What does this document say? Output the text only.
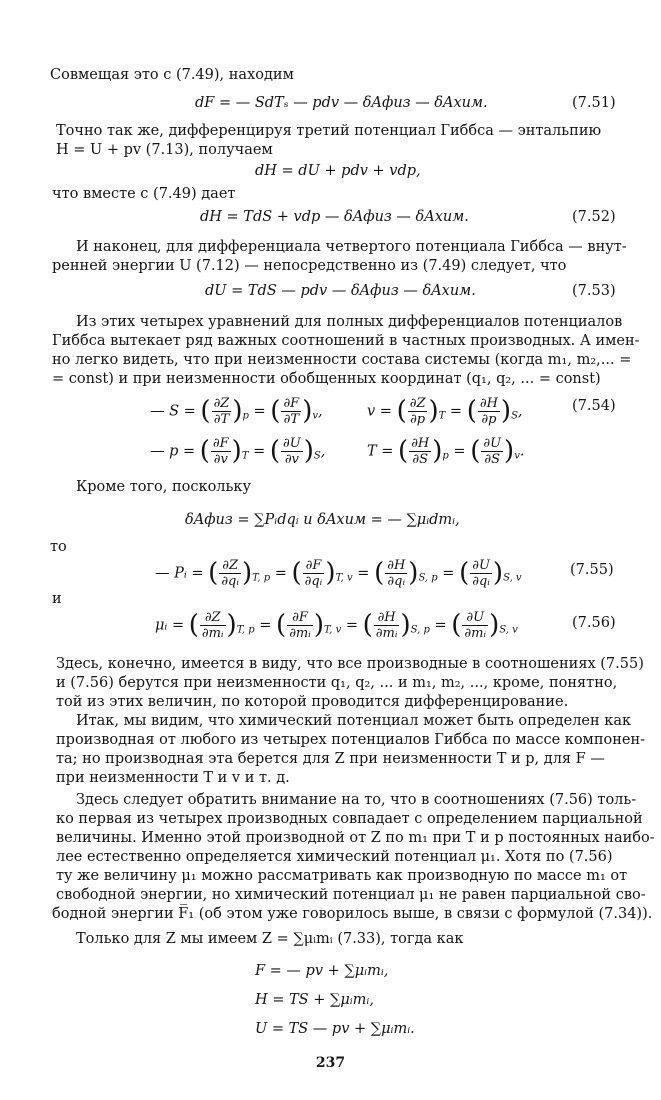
Совмещая это с (7.49), находим
dF = — SdTₛ — pdv — δAфиз — δAхим.	(7.51)
Точно так же, дифференцируя третий потенциал Гиббса — энтальпию
H = U + pv (7.13), получаем
dH = dU + pdv + vdp,
что вместе с (7.49) дает
dH = TdS + vdp — δAфиз — δAхим.	(7.52)
И наконец, для дифференциала четвертого потенциала Гиббса — внут-
ренней энергии U (7.12) — непосредственно из (7.49) следует, что
dU = TdS — pdv — δAфиз — δAхим.	(7.53)
Из этих четырех уравнений для полных дифференциалов потенциалов
Гиббса вытекает ряд важных соотношений в частных производных. А имен-
но легко видеть, что при неизменности состава системы (когда m₁, m₂,... =
= const) и при неизменности обобщенных координат (q₁, q₂, ... = const)
— S = ( $\frac{\partial Z}{\partial T} )_p$ = ( $\frac{\partial F}{\partial T} )_v$,	v = ( $\frac{\partial Z}{\partial p} )_T$ = ( $\frac{\partial H}{\partial p} )_S$,	(7.54)
— p = ( $\frac{\partial F}{\partial v} )_T$ = ( $\frac{\partial U}{\partial v} )_S$,	T = ( $\frac{\partial H}{\partial S} )_p$ = ( $\frac{\partial U}{\partial S} )_v$.
Кроме того, поскольку
δAфиз = ∑Pᵢdqᵢ и δAхим = — ∑μᵢdmᵢ,
то
— Pᵢ = ( $\frac{\partial Z}{\text{∂qᵢ}} )_{T, p}$ = ( $\frac{\partial F}{\text{∂qᵢ}} )_{T, v}$ = ( $\frac{\partial H}{\text{∂qᵢ}} )_{S, p}$ = ( $\frac{\partial U}{\text{∂qᵢ}} )_{S, v}$	(7.55)
и
μᵢ = ( $\frac{\partial Z}{\text{∂mᵢ}} )_{T, p}$ = ( $\frac{\partial F}{\text{∂mᵢ}} )_{T, v}$ = ( $\frac{\partial H}{\text{∂mᵢ}} )_{S, p}$ = ( $\frac{\partial U}{\text{∂mᵢ}} )_{S, v}$	(7.56)
Здесь, конечно, имеется в виду, что все производные в соотношениях (7.55)
и (7.56) берутся при неизменности q₁, q₂, ... и m₁, m₂, ..., кроме, понятно,
той из этих величин, по которой проводится дифференцирование.
Итак, мы видим, что химический потенциал может быть определен как
производная от любого из четырех потенциалов Гиббса по массе компонен-
та; но производная эта берется для Z при неизменности T и p, для F —
при неизменности T и v и т. д.
Здесь следует обратить внимание на то, что в соотношениях (7.56) толь-
ко первая из четырех производных совпадает с определением парциальной
величины. Именно этой производной от Z по m₁ при T и p постоянных наибо-
лее естественно определяется химический потенциал μ₁. Хотя по (7.56)
ту же величину μ₁ можно рассматривать как производную по массе m₁ от
свободной энергии, но химический потенциал μ₁ не равен парциальной сво-
бодной энергии F̅₁ (об этом уже говорилось выше, в связи с формулой (7.34)).
Только для Z мы имеем Z = ∑μᵢmᵢ (7.33), тогда как
F = — pv + ∑μᵢmᵢ,
H = TS + ∑μᵢmᵢ,
U = TS — pv + ∑μᵢmᵢ.
237
